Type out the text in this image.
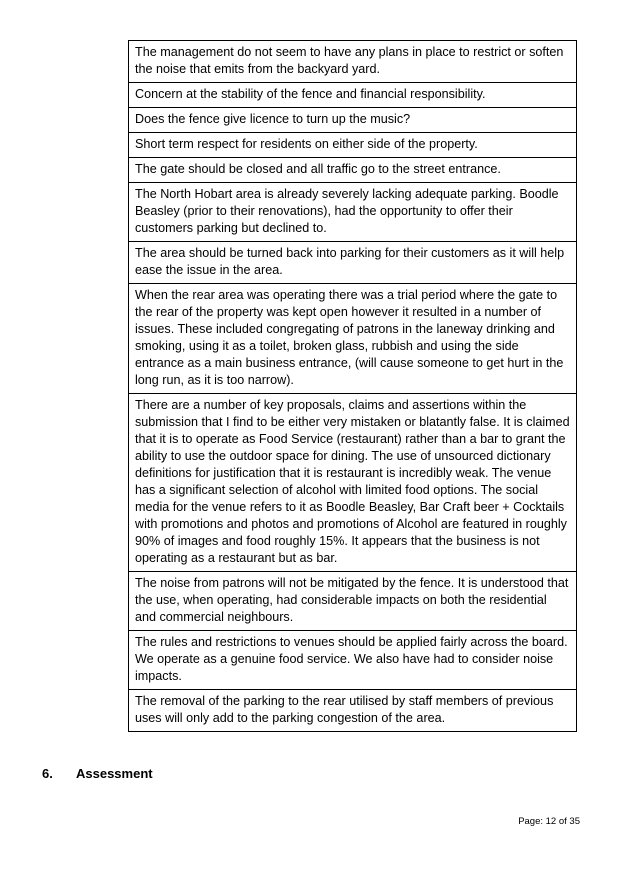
The management do not seem to have any plans in place to restrict or soften the noise that emits from the backyard yard.
Concern at the stability of the fence and financial responsibility.
Does the fence give licence to turn up the music?
Short term respect for residents on either side of the property.
The gate should be closed and all traffic go to the street entrance.
The North Hobart area is already severely lacking adequate parking. Boodle Beasley (prior to their renovations), had the opportunity to offer their customers parking but declined to.
The area should be turned back into parking for their customers as it will help ease the issue in the area.
When the rear area was operating there was a trial period where the gate to the rear of the property was kept open however it resulted in a number of issues. These included congregating of patrons in the laneway drinking and smoking, using it as a toilet, broken glass, rubbish and using the side entrance as a main business entrance, (will cause someone to get hurt in the long run, as it is too narrow).
There are a number of key proposals, claims and assertions within the submission that I find to be either very mistaken or blatantly false. It is claimed that it is to operate as Food Service (restaurant) rather than a bar to grant the ability to use the outdoor space for dining. The use of unsourced dictionary definitions for justification that it is restaurant is incredibly weak. The venue has a significant selection of alcohol with limited food options. The social media for the venue refers to it as Boodle Beasley, Bar Craft beer + Cocktails with promotions and photos and promotions of Alcohol are featured in roughly 90% of images and food roughly 15%. It appears that the business is not operating as a restaurant but as bar.
The noise from patrons will not be mitigated by the fence. It is understood that the use, when operating, had considerable impacts on both the residential and commercial neighbours.
The rules and restrictions to venues should be applied fairly across the board. We operate as a genuine food service. We also have had to consider noise impacts.
The removal of the parking to the rear utilised by staff members of previous uses will only add to the parking congestion of the area.
6. Assessment
Page: 12 of 35
